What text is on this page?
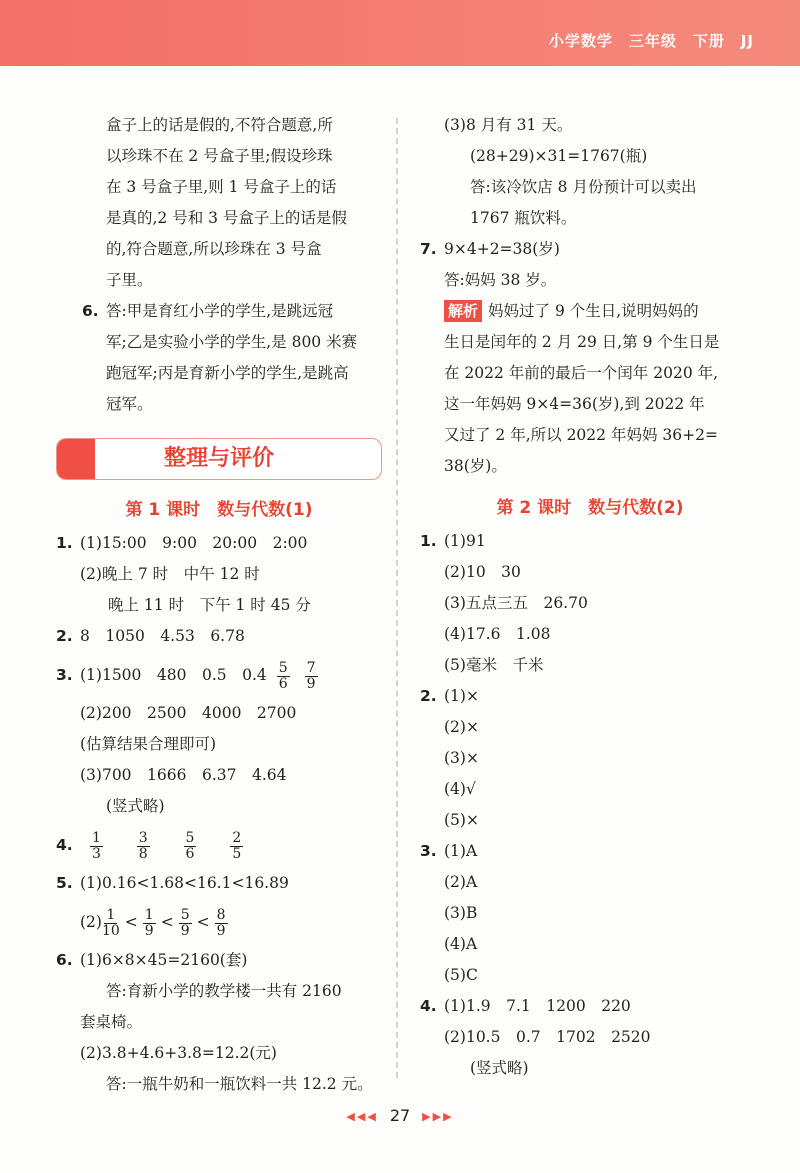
小学数学　三年级　下册　JJ
盒子上的话是假的,不符合题意,所
以珍珠不在 2 号盒子里;假设珍珠
在 3 号盒子里,则 1 号盒子上的话
是真的,2 号和 3 号盒子上的话是假
的,符合题意,所以珍珠在 3 号盒
子里。
6. 答:甲是育红小学的学生,是跳远冠
军;乙是实验小学的学生,是 800 米赛
跑冠军;丙是育新小学的学生,是跳高
冠军。
整理与评价
第 1 课时　数与代数(1)
1. (1)15:00　9:00　20:00　2:00
(2)晚上 7 时　中午 12 时
晚上 11 时　下午 1 时 45 分
2. 8　1050　4.53　6.78
3. (1)1500　480　0.5　$0.4 \frac{5}{6}$
$\frac{7}{9}$
(2)200　2500　4000　2700
(估算结果合理即可)
(3)700　1666　6.37　4.64
(竖式略)
4. $\frac{1}{3}$
$\frac{3}{8}$
$\frac{5}{6}$
$\frac{2}{5}$
5. (1)0.16<1.68<16.1<16.89
$(2) \frac{1}{10} < \frac{1}{9} < \frac{5}{9} < \frac{8}{9}$
6. (1)6×8×45=2160(套)
答:育新小学的教学楼一共有 2160
套桌椅。
(2)3.8+4.6+3.8=12.2(元)
答:一瓶牛奶和一瓶饮料一共 12.2 元。
(3)8 月有 31 天。
(28+29)×31=1767(瓶)
答:该冷饮店 8 月份预计可以卖出
1767 瓶饮料。
7. 9×4+2=38(岁)
答:妈妈 38 岁。
解析 妈妈过了 9 个生日,说明妈妈的
生日是闰年的 2 月 29 日,第 9 个生日是
在 2022 年前的最后一个闰年 2020 年,
这一年妈妈 9×4=36(岁),到 2022 年
又过了 2 年,所以 2022 年妈妈 36+2=
38(岁)。
第 2 课时　数与代数(2)
1. (1)91
(2)10　30
(3)五点三五　26.70
(4)17.6　1.08
(5)毫米　千米
2. (1)×
(2)×
(3)×
(4)√
(5)×
3. (1)A
(2)A
(3)B
(4)A
(5)C
4. (1)1.9　7.1　1200　220
(2)10.5　0.7　1702　2520
(竖式略)
◀◀◀ 27 ▶▶▶
